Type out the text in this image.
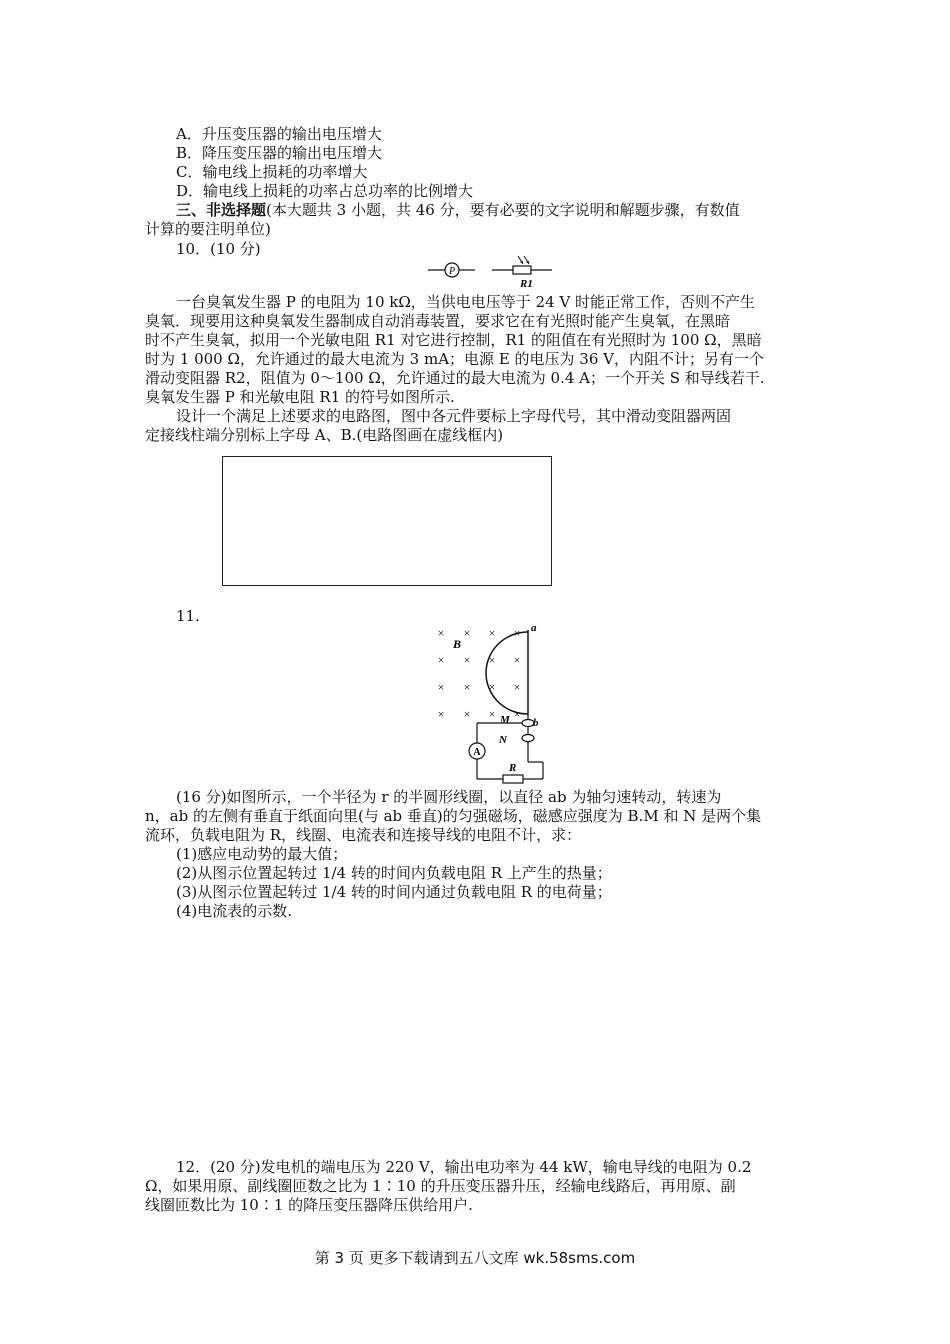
A．升压变压器的输出电压增大
B．降压变压器的输出电压增大
C．输电线上损耗的功率增大
D．输电线上损耗的功率占总功率的比例增大
三、非选择题(本大题共 3 小题，共 46 分，要有必要的文字说明和解题步骤，有数值
计算的要注明单位)
10．(10 分)
P
R1
一台臭氧发生器 P 的电阻为 10 kΩ，当供电电压等于 24 V 时能正常工作，否则不产生
臭氧．现要用这种臭氧发生器制成自动消毒装置，要求它在有光照时能产生臭氧，在黑暗
时不产生臭氧，拟用一个光敏电阻 R1 对它进行控制，R1 的阻值在有光照时为 100 Ω，黑暗
时为 1 000 Ω，允许通过的最大电流为 3 mA；电源 E 的电压为 36 V，内阻不计；另有一个
滑动变阻器 R2，阻值为 0～100 Ω，允许通过的最大电流为 0.4 A；一个开关 S 和导线若干.
臭氧发生器 P 和光敏电阻 R1 的符号如图所示.
设计一个满足上述要求的电路图，图中各元件要标上字母代号，其中滑动变阻器两固
定接线柱端分别标上字母 A、B.(电路图画在虚线框内)
11.
× × × ×
× × × ×
× × × ×
× × × ×
B
a
b
M
N
A
R
(16 分)如图所示，一个半径为 r 的半圆形线圈，以直径 ab 为轴匀速转动，转速为
n，ab 的左侧有垂直于纸面向里(与 ab 垂直)的匀强磁场，磁感应强度为 B.M 和 N 是两个集
流环，负载电阻为 R，线圈、电流表和连接导线的电阻不计，求：
(1)感应电动势的最大值；
(2)从图示位置起转过 1/4 转的时间内负载电阻 R 上产生的热量；
(3)从图示位置起转过 1/4 转的时间内通过负载电阻 R 的电荷量；
(4)电流表的示数.
12．(20 分)发电机的端电压为 220 V，输出电功率为 44 kW，输电导线的电阻为 0.2
Ω，如果用原、副线圈匝数之比为 1∶10 的升压变压器升压，经输电线路后，再用原、副
线圈匝数比为 10∶1 的降压变压器降压供给用户.
第 3 页 更多下载请到五八文库 wk.58sms.com
